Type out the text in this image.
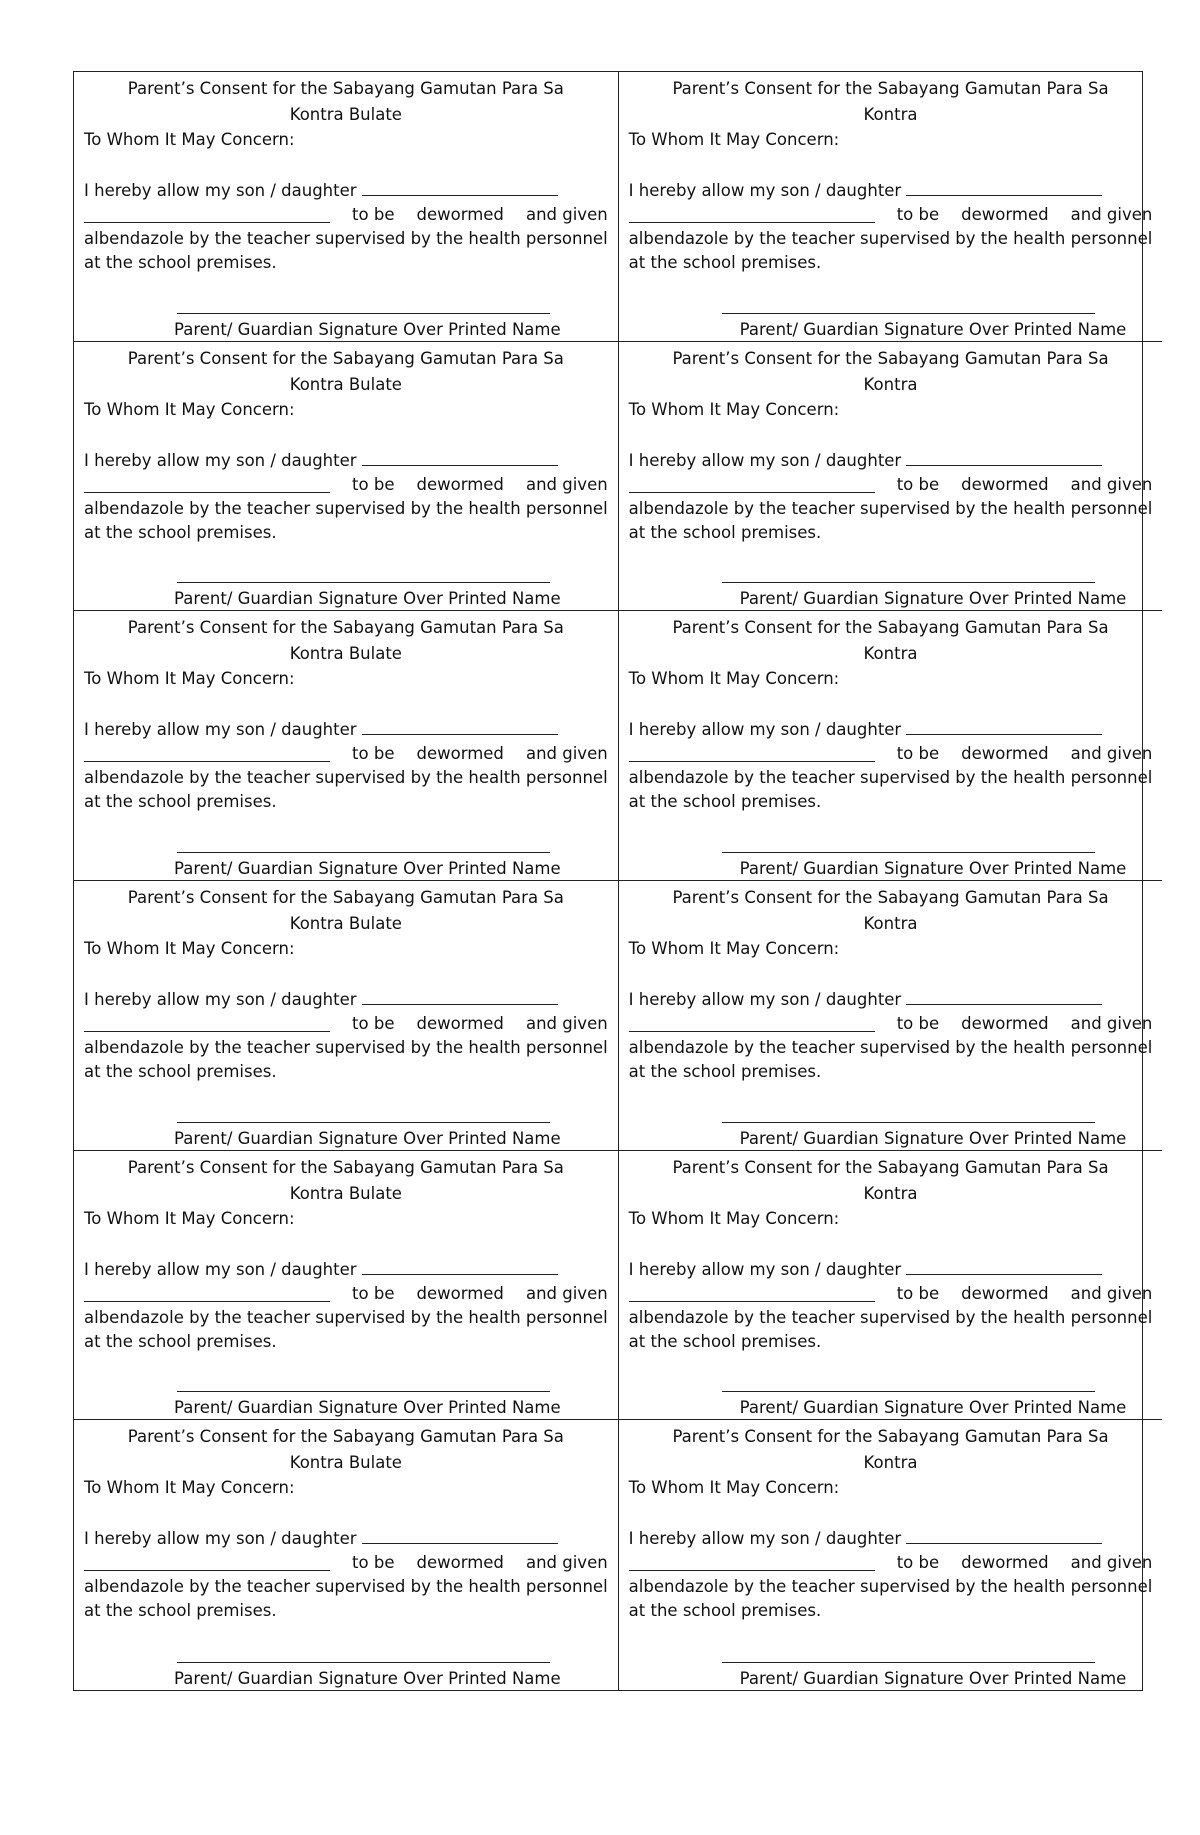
Parent’s Consent for the Sabayang Gamutan Para Sa
Kontra Bulate
To Whom It May Concern:
I hereby allow my son / daughter
to be dewormed and given
albendazole by the teacher supervised by the health personnel
at the school premises.
Parent/ Guardian Signature Over Printed Name
Parent’s Consent for the Sabayang Gamutan Para Sa
Kontra
To Whom It May Concern:
I hereby allow my son / daughter
to be dewormed and given
albendazole by the teacher supervised by the health personnel
at the school premises.
Parent/ Guardian Signature Over Printed Name
Parent’s Consent for the Sabayang Gamutan Para Sa
Kontra Bulate
To Whom It May Concern:
I hereby allow my son / daughter
to be dewormed and given
albendazole by the teacher supervised by the health personnel
at the school premises.
Parent/ Guardian Signature Over Printed Name
Parent’s Consent for the Sabayang Gamutan Para Sa
Kontra
To Whom It May Concern:
I hereby allow my son / daughter
to be dewormed and given
albendazole by the teacher supervised by the health personnel
at the school premises.
Parent/ Guardian Signature Over Printed Name
Parent’s Consent for the Sabayang Gamutan Para Sa
Kontra Bulate
To Whom It May Concern:
I hereby allow my son / daughter
to be dewormed and given
albendazole by the teacher supervised by the health personnel
at the school premises.
Parent/ Guardian Signature Over Printed Name
Parent’s Consent for the Sabayang Gamutan Para Sa
Kontra
To Whom It May Concern:
I hereby allow my son / daughter
to be dewormed and given
albendazole by the teacher supervised by the health personnel
at the school premises.
Parent/ Guardian Signature Over Printed Name
Parent’s Consent for the Sabayang Gamutan Para Sa
Kontra Bulate
To Whom It May Concern:
I hereby allow my son / daughter
to be dewormed and given
albendazole by the teacher supervised by the health personnel
at the school premises.
Parent/ Guardian Signature Over Printed Name
Parent’s Consent for the Sabayang Gamutan Para Sa
Kontra
To Whom It May Concern:
I hereby allow my son / daughter
to be dewormed and given
albendazole by the teacher supervised by the health personnel
at the school premises.
Parent/ Guardian Signature Over Printed Name
Parent’s Consent for the Sabayang Gamutan Para Sa
Kontra Bulate
To Whom It May Concern:
I hereby allow my son / daughter
to be dewormed and given
albendazole by the teacher supervised by the health personnel
at the school premises.
Parent/ Guardian Signature Over Printed Name
Parent’s Consent for the Sabayang Gamutan Para Sa
Kontra
To Whom It May Concern:
I hereby allow my son / daughter
to be dewormed and given
albendazole by the teacher supervised by the health personnel
at the school premises.
Parent/ Guardian Signature Over Printed Name
Parent’s Consent for the Sabayang Gamutan Para Sa
Kontra Bulate
To Whom It May Concern:
I hereby allow my son / daughter
to be dewormed and given
albendazole by the teacher supervised by the health personnel
at the school premises.
Parent/ Guardian Signature Over Printed Name
Parent’s Consent for the Sabayang Gamutan Para Sa
Kontra
To Whom It May Concern:
I hereby allow my son / daughter
to be dewormed and given
albendazole by the teacher supervised by the health personnel
at the school premises.
Parent/ Guardian Signature Over Printed Name
